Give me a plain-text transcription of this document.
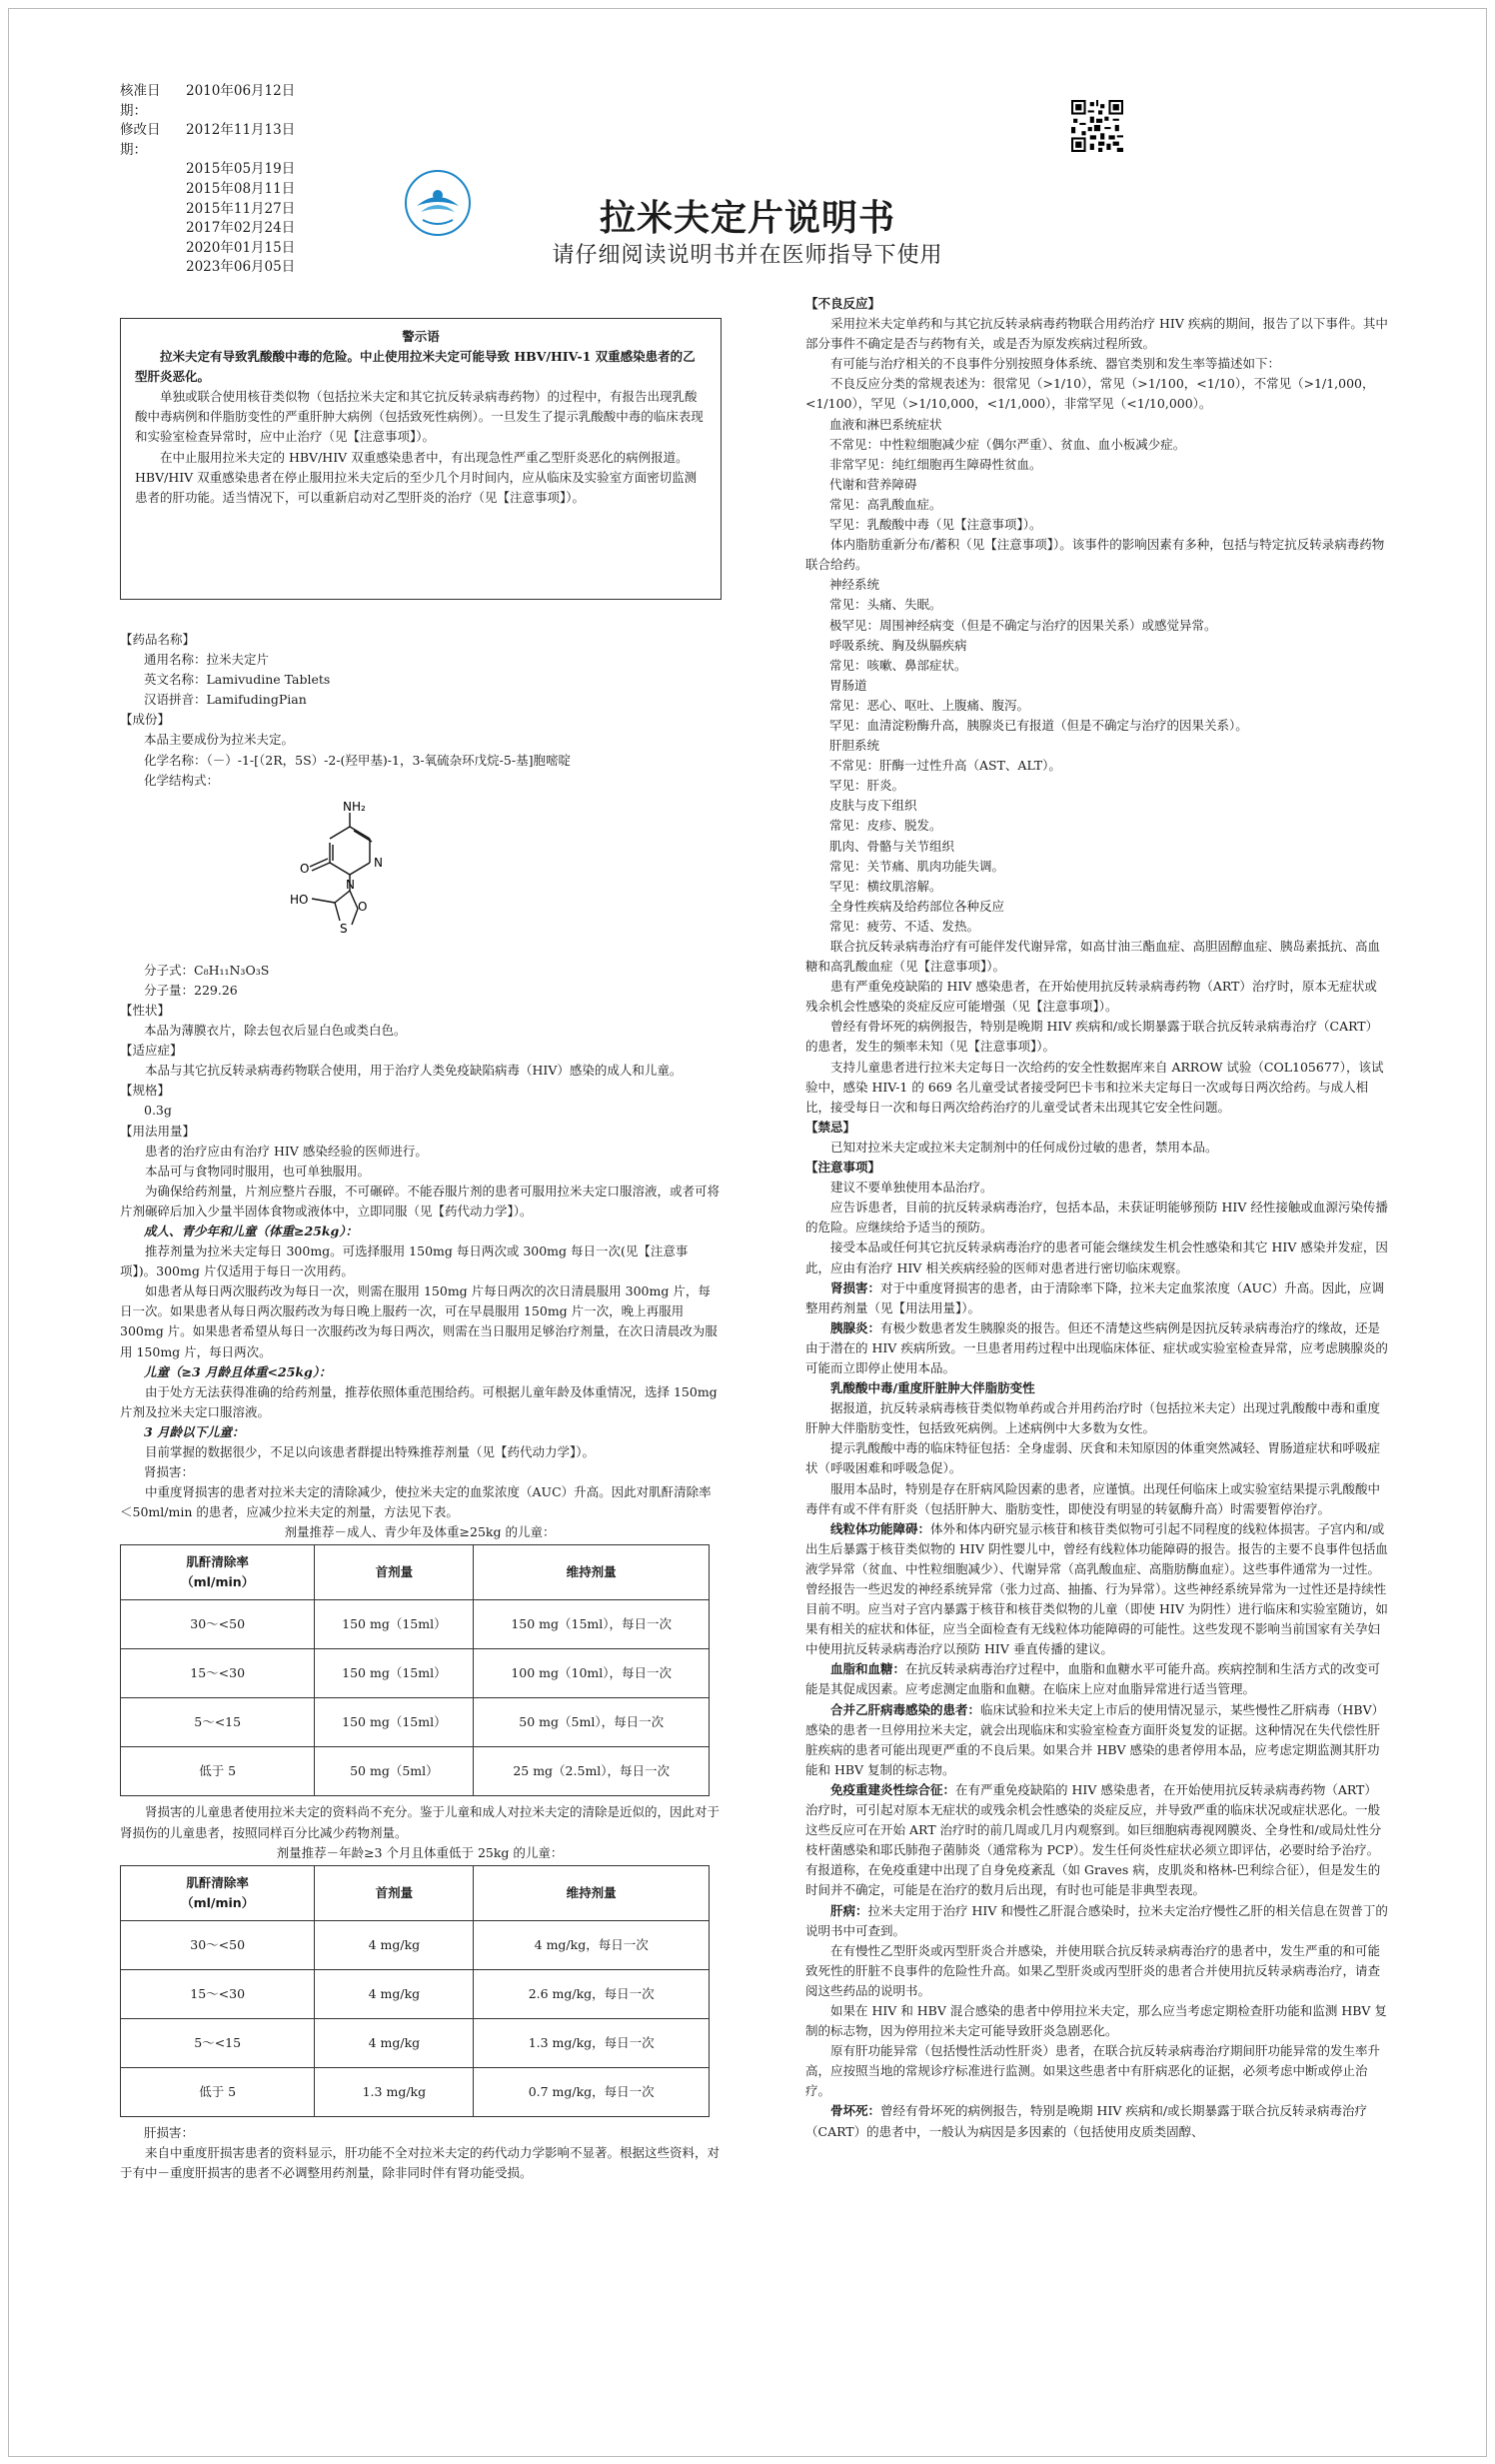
核准日期：
2010年06月12日
修改日期：
2012年11月13日
2015年05月19日
2015年08月11日
2015年11月27日
2017年02月24日
2020年01月15日
2023年06月05日
拉米夫定片说明书
请仔细阅读说明书并在医师指导下使用

警示语

拉米夫定有导致乳酸酸中毒的危险。中止使用拉米夫定可能导致 HBV/HIV-1 双重感染患者的乙型肝炎恶化。

单独或联合使用核苷类似物（包括拉米夫定和其它抗反转录病毒药物）的过程中，有报告出现乳酸酸中毒病例和伴脂肪变性的严重肝肿大病例（包括致死性病例）。一旦发生了提示乳酸酸中毒的临床表现和实验室检查异常时，应中止治疗（见【注意事项】）。

在中止服用拉米夫定的 HBV/HIV 双重感染患者中，有出现急性严重乙型肝炎恶化的病例报道。HBV/HIV 双重感染患者在停止服用拉米夫定后的至少几个月时间内，应从临床及实验室方面密切监测患者的肝功能。适当情况下，可以重新启动对乙型肝炎的治疗（见【注意事项】）。

【药品名称】

通用名称：拉米夫定片

英文名称：Lamivudine Tablets

汉语拼音：LamifudingPian

【成份】

本品主要成份为拉米夫定。

化学名称：（－）-1-[（2R，5S）-2-(羟甲基)-1，3-氧硫杂环戊烷-5-基]胞嘧啶

化学结构式：

NH₂
N
N
O
HO	O
S

分子式：C₈H₁₁N₃O₃S

分子量：229.26

【性状】

本品为薄膜衣片，除去包衣后显白色或类白色。

【适应症】

本品与其它抗反转录病毒药物联合使用，用于治疗人类免疫缺陷病毒（HIV）感染的成人和儿童。

【规格】

0.3g

【用法用量】

患者的治疗应由有治疗 HIV 感染经验的医师进行。

本品可与食物同时服用，也可单独服用。

为确保给药剂量，片剂应整片吞服，不可碾碎。不能吞服片剂的患者可服用拉米夫定口服溶液，或者可将片剂碾碎后加入少量半固体食物或液体中，立即同服（见【药代动力学】）。

成人、青少年和儿童（体重≥25kg）：

推荐剂量为拉米夫定每日 300mg。可选择服用 150mg 每日两次或 300mg 每日一次(见【注意事项】)。300mg 片仅适用于每日一次用药。

如患者从每日两次服药改为每日一次，则需在服用 150mg 片每日两次的次日清晨服用 300mg 片，每日一次。如果患者从每日两次服药改为每日晚上服药一次，可在早晨服用 150mg 片一次，晚上再服用 300mg 片。如果患者希望从每日一次服药改为每日两次，则需在当日服用足够治疗剂量，在次日清晨改为服用 150mg 片，每日两次。

儿童（≥3 月龄且体重<25kg）：

由于处方无法获得准确的给药剂量，推荐依照体重范围给药。可根据儿童年龄及体重情况，选择 150mg 片剂及拉米夫定口服溶液。

3 月龄以下儿童：

目前掌握的数据很少，不足以向该患者群提出特殊推荐剂量（见【药代动力学】）。

肾损害：

中重度肾损害的患者对拉米夫定的清除减少，使拉米夫定的血浆浓度（AUC）升高。因此对肌酐清除率＜50ml/min 的患者，应减少拉米夫定的剂量，方法见下表。

剂量推荐－成人、青少年及体重≥25kg 的儿童：

肌酐清除率
（ml/min）	首剂量	维持剂量
30～<50	150 mg（15ml）	150 mg（15ml），每日一次
15～<30	150 mg（15ml）	100 mg（10ml），每日一次
5～<15	150 mg（15ml）	50 mg（5ml），每日一次
低于 5	50 mg（5ml）	25 mg（2.5ml），每日一次

肾损害的儿童患者使用拉米夫定的资料尚不充分。鉴于儿童和成人对拉米夫定的清除是近似的，因此对于肾损伤的儿童患者，按照同样百分比减少药物剂量。

剂量推荐－年龄≥3 个月且体重低于 25kg 的儿童：

肌酐清除率
（ml/min）	首剂量	维持剂量
30～<50	4 mg/kg	4 mg/kg，每日一次
15～<30	4 mg/kg	2.6 mg/kg，每日一次
5～<15	4 mg/kg	1.3 mg/kg，每日一次
低于 5	1.3 mg/kg	0.7 mg/kg，每日一次

肝损害：

来自中重度肝损害患者的资料显示，肝功能不全对拉米夫定的药代动力学影响不显著。根据这些资料，对于有中－重度肝损害的患者不必调整用药剂量，除非同时伴有肾功能受损。

【不良反应】

采用拉米夫定单药和与其它抗反转录病毒药物联合用药治疗 HIV 疾病的期间，报告了以下事件。其中部分事件不确定是否与药物有关，或是否为原发疾病过程所致。

有可能与治疗相关的不良事件分别按照身体系统、器官类别和发生率等描述如下：

不良反应分类的常规表述为：很常见（>1/10），常见（>1/100，<1/10），不常见（>1/1,000，<1/100），罕见（>1/10,000，<1/1,000），非常罕见（<1/10,000）。

血液和淋巴系统症状

不常见：中性粒细胞减少症（偶尔严重）、贫血、血小板减少症。

非常罕见：纯红细胞再生障碍性贫血。

代谢和营养障碍

常见：高乳酸血症。

罕见：乳酸酸中毒（见【注意事项】）。

体内脂肪重新分布/蓄积（见【注意事项】）。该事件的影响因素有多种，包括与特定抗反转录病毒药物联合给药。

神经系统

常见：头痛、失眠。

极罕见：周围神经病变（但是不确定与治疗的因果关系）或感觉异常。

呼吸系统、胸及纵膈疾病

常见：咳嗽、鼻部症状。

胃肠道

常见：恶心、呕吐、上腹痛、腹泻。

罕见：血清淀粉酶升高，胰腺炎已有报道（但是不确定与治疗的因果关系）。

肝胆系统

不常见：肝酶一过性升高（AST、ALT）。

罕见：肝炎。

皮肤与皮下组织

常见：皮疹、脱发。

肌肉、骨骼与关节组织

常见：关节痛、肌肉功能失调。

罕见：横纹肌溶解。

全身性疾病及给药部位各种反应

常见：疲劳、不适、发热。

联合抗反转录病毒治疗有可能伴发代谢异常，如高甘油三酯血症、高胆固醇血症、胰岛素抵抗、高血糖和高乳酸血症（见【注意事项】）。

患有严重免疫缺陷的 HIV 感染患者，在开始使用抗反转录病毒药物（ART）治疗时，原本无症状或残余机会性感染的炎症反应可能增强（见【注意事项】）。

曾经有骨坏死的病例报告，特别是晚期 HIV 疾病和/或长期暴露于联合抗反转录病毒治疗（CART）的患者，发生的频率未知（见【注意事项】）。

支持儿童患者进行拉米夫定每日一次给药的安全性数据库来自 ARROW 试验（COL105677），该试验中，感染 HIV-1 的 669 名儿童受试者接受阿巴卡韦和拉米夫定每日一次或每日两次给药。与成人相比，接受每日一次和每日两次给药治疗的儿童受试者未出现其它安全性问题。

【禁忌】

已知对拉米夫定或拉米夫定制剂中的任何成份过敏的患者，禁用本品。

【注意事项】

建议不要单独使用本品治疗。

应告诉患者，目前的抗反转录病毒治疗，包括本品，未获证明能够预防 HIV 经性接触或血源污染传播的危险。应继续给予适当的预防。

接受本品或任何其它抗反转录病毒治疗的患者可能会继续发生机会性感染和其它 HIV 感染并发症，因此，应由有治疗 HIV 相关疾病经验的医师对患者进行密切临床观察。

肾损害：对于中重度肾损害的患者，由于清除率下降，拉米夫定血浆浓度（AUC）升高。因此，应调整用药剂量（见【用法用量】）。

胰腺炎：有极少数患者发生胰腺炎的报告。但还不清楚这些病例是因抗反转录病毒治疗的缘故，还是由于潜在的 HIV 疾病所致。一旦患者用药过程中出现临床体征、症状或实验室检查异常，应考虑胰腺炎的可能而立即停止使用本品。

乳酸酸中毒/重度肝脏肿大伴脂肪变性

据报道，抗反转录病毒核苷类似物单药或合并用药治疗时（包括拉米夫定）出现过乳酸酸中毒和重度肝肿大伴脂肪变性，包括致死病例。上述病例中大多数为女性。

提示乳酸酸中毒的临床特征包括：全身虚弱、厌食和未知原因的体重突然减轻、胃肠道症状和呼吸症状（呼吸困难和呼吸急促）。

服用本品时，特别是存在肝病风险因素的患者，应谨慎。出现任何临床上或实验室结果提示乳酸酸中毒伴有或不伴有肝炎（包括肝肿大、脂肪变性，即使没有明显的转氨酶升高）时需要暂停治疗。

线粒体功能障碍：体外和体内研究显示核苷和核苷类似物可引起不同程度的线粒体损害。子宫内和/或出生后暴露于核苷类似物的 HIV 阴性婴儿中，曾经有线粒体功能障碍的报告。报告的主要不良事件包括血液学异常（贫血、中性粒细胞减少）、代谢异常（高乳酸血症、高脂肪酶血症）。这些事件通常为一过性。曾经报告一些迟发的神经系统异常（张力过高、抽搐、行为异常）。这些神经系统异常为一过性还是持续性目前不明。应当对子宫内暴露于核苷和核苷类似物的儿童（即使 HIV 为阴性）进行临床和实验室随访，如果有相关的症状和体征，应当全面检查有无线粒体功能障碍的可能性。这些发现不影响当前国家有关孕妇中使用抗反转录病毒治疗以预防 HIV 垂直传播的建议。

血脂和血糖：在抗反转录病毒治疗过程中，血脂和血糖水平可能升高。疾病控制和生活方式的改变可能是其促成因素。应考虑测定血脂和血糖。在临床上应对血脂异常进行适当管理。

合并乙肝病毒感染的患者：临床试验和拉米夫定上市后的使用情况显示，某些慢性乙肝病毒（HBV）感染的患者一旦停用拉米夫定，就会出现临床和实验室检查方面肝炎复发的证据。这种情况在失代偿性肝脏疾病的患者可能出现更严重的不良后果。如果合并 HBV 感染的患者停用本品，应考虑定期监测其肝功能和 HBV 复制的标志物。

免疫重建炎性综合征：在有严重免疫缺陷的 HIV 感染患者，在开始使用抗反转录病毒药物（ART）治疗时，可引起对原本无症状的或残余机会性感染的炎症反应，并导致严重的临床状况或症状恶化。一般这些反应可在开始 ART 治疗时的前几周或几月内观察到。如巨细胞病毒视网膜炎、全身性和/或局灶性分枝杆菌感染和耶氏肺孢子菌肺炎（通常称为 PCP）。发生任何炎性症状必须立即评估，必要时给予治疗。有报道称，在免疫重建中出现了自身免疫紊乱（如 Graves 病，皮肌炎和格林-巴利综合征），但是发生的时间并不确定，可能是在治疗的数月后出现，有时也可能是非典型表现。

肝病：拉米夫定用于治疗 HIV 和慢性乙肝混合感染时，拉米夫定治疗慢性乙肝的相关信息在贺普丁的说明书中可查到。

在有慢性乙型肝炎或丙型肝炎合并感染，并使用联合抗反转录病毒治疗的患者中，发生严重的和可能致死性的肝脏不良事件的危险性升高。如果乙型肝炎或丙型肝炎的患者合并使用抗反转录病毒治疗，请查阅这些药品的说明书。

如果在 HIV 和 HBV 混合感染的患者中停用拉米夫定，那么应当考虑定期检查肝功能和监测 HBV 复制的标志物，因为停用拉米夫定可能导致肝炎急剧恶化。

原有肝功能异常（包括慢性活动性肝炎）患者，在联合抗反转录病毒治疗期间肝功能异常的发生率升高，应按照当地的常规诊疗标准进行监测。如果这些患者中有肝病恶化的证据，必须考虑中断或停止治疗。

骨坏死：曾经有骨坏死的病例报告，特别是晚期 HIV 疾病和/或长期暴露于联合抗反转录病毒治疗（CART）的患者中，一般认为病因是多因素的（包括使用皮质类固醇、
